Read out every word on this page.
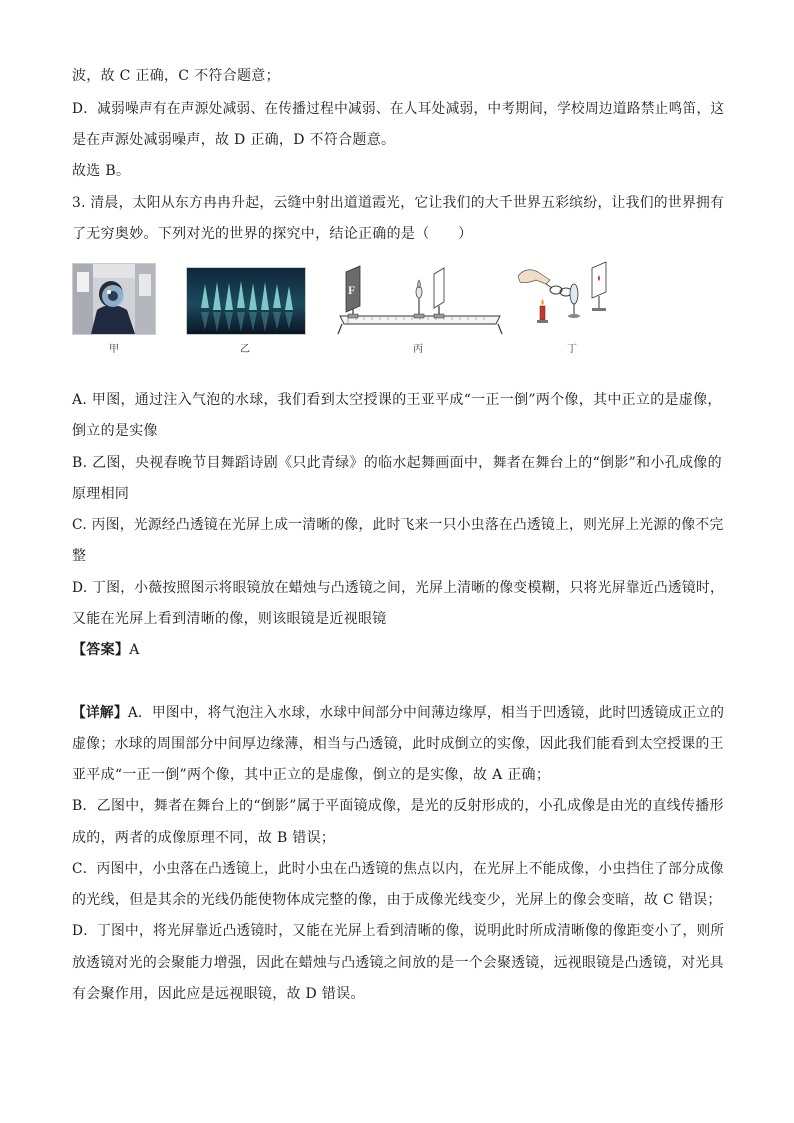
波，故 C 正确，C 不符合题意；
D．减弱噪声有在声源处减弱、在传播过程中减弱、在人耳处减弱，中考期间，学校周边道路禁止鸣笛，这
是在声源处减弱噪声，故 D 正确，D 不符合题意。
故选 B。
3. 清晨，太阳从东方冉冉升起，云缝中射出道道霞光，它让我们的大千世界五彩缤纷，让我们的世界拥有
了无穷奥妙。下列对光的世界的探究中，结论正确的是（　　）
甲	乙
F
丙	丁
A. 甲图，通过注入气泡的水球，我们看到太空授课的王亚平成“一正一倒”两个像，其中正立的是虚像，
倒立的是实像
B. 乙图，央视春晚节目舞蹈诗剧《只此青绿》的临水起舞画面中，舞者在舞台上的“倒影”和小孔成像的
原理相同
C. 丙图，光源经凸透镜在光屏上成一清晰的像，此时飞来一只小虫落在凸透镜上，则光屏上光源的像不完
整
D. 丁图，小薇按照图示将眼镜放在蜡烛与凸透镜之间，光屏上清晰的像变模糊，只将光屏靠近凸透镜时，
又能在光屏上看到清晰的像，则该眼镜是近视眼镜
【答案】A
【详解】A．甲图中，将气泡注入水球，水球中间部分中间薄边缘厚，相当于凹透镜，此时凹透镜成正立的
虚像；水球的周围部分中间厚边缘薄，相当与凸透镜，此时成倒立的实像，因此我们能看到太空授课的王
亚平成“一正一倒”两个像，其中正立的是虚像，倒立的是实像，故 A 正确；
B．乙图中，舞者在舞台上的“倒影”属于平面镜成像，是光的反射形成的，小孔成像是由光的直线传播形
成的，两者的成像原理不同，故 B 错误；
C．丙图中，小虫落在凸透镜上，此时小虫在凸透镜的焦点以内，在光屏上不能成像，小虫挡住了部分成像
的光线，但是其余的光线仍能使物体成完整的像，由于成像光线变少，光屏上的像会变暗，故 C 错误；
D．丁图中，将光屏靠近凸透镜时，又能在光屏上看到清晰的像，说明此时所成清晰像的像距变小了，则所
放透镜对光的会聚能力增强，因此在蜡烛与凸透镜之间放的是一个会聚透镜，远视眼镜是凸透镜，对光具
有会聚作用，因此应是远视眼镜，故 D 错误。
